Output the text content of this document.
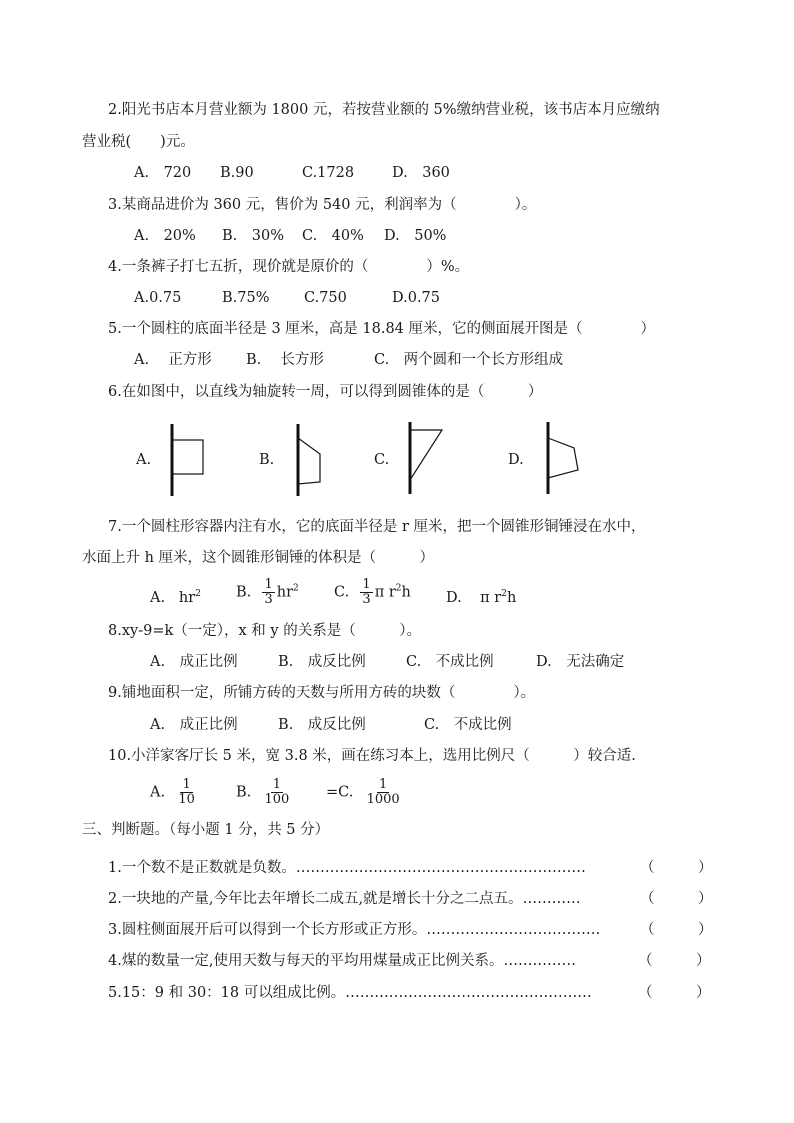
2.阳光书店本月营业额为 1800 元，若按营业额的 5%缴纳营业税，该书店本月应缴纳
营业税(　　)元。
A.　720 B.90	C.1728	D.　360
3.某商品进价为 360 元，售价为 540 元，利润率为（　　　　）。
A.　20% B.　30% C.　40% D.　50%
4.一条裤子打七五折，现价就是原价的（　　　　）%。
A.0.75	B.75% C.750	D.0.75
5.一个圆柱的底面半径是 3 厘米，高是 18.84 厘米，它的侧面展开图是（　　　　）
A.　 正方形 B.　 长方形	C.　两个圆和一个长方形组成
6.在如图中，以直线为轴旋转一周，可以得到圆锥体的是（　　　）
A.	B.	C.	D.
7.一个圆柱形容器内注有水，它的底面半径是 r 厘米，把一个圆锥形铜锤浸在水中，
水面上升 h 厘米，这个圆锥形铜锤的体积是（　　　）
A. $hr^2$ B. $\frac{1}{3} hr^2$ C. $\frac{1}{3}$ π $r^2h$ D. π $r^2h$
8.xy-9=k（一定），x 和 y 的关系是（　　　）。
A.　成正比例	B.　成反比例	C.　不成比例	D.　无法确定
9.铺地面积一定，所铺方砖的天数与所用方砖的块数（　　　　）。
A.　成正比例	B.　成反比例	C.　不成比例
10.小洋家客厅长 5 米，宽 3.8 米，画在练习本上，选用比例尺（　　　）较合适.
A. $\frac{1}{10}$	B. $\frac{1}{100} =C$. $\frac{1}{1000}$
三、判断题。（每小题 1 分，共 5 分）
1.一个数不是正数就是负数。……………………………………………………	（　　　）
2.一块地的产量,今年比去年增长二成五,就是增长十分之二点五。…………	（　　　）
3.圆柱侧面展开后可以得到一个长方形或正方形。………………………………	（　　　）
4.煤的数量一定,使用天数与每天的平均用煤量成正比例关系。……………	（　　　）
5.15：9 和 30：18 可以组成比例。……………………………………………	（　　　）
